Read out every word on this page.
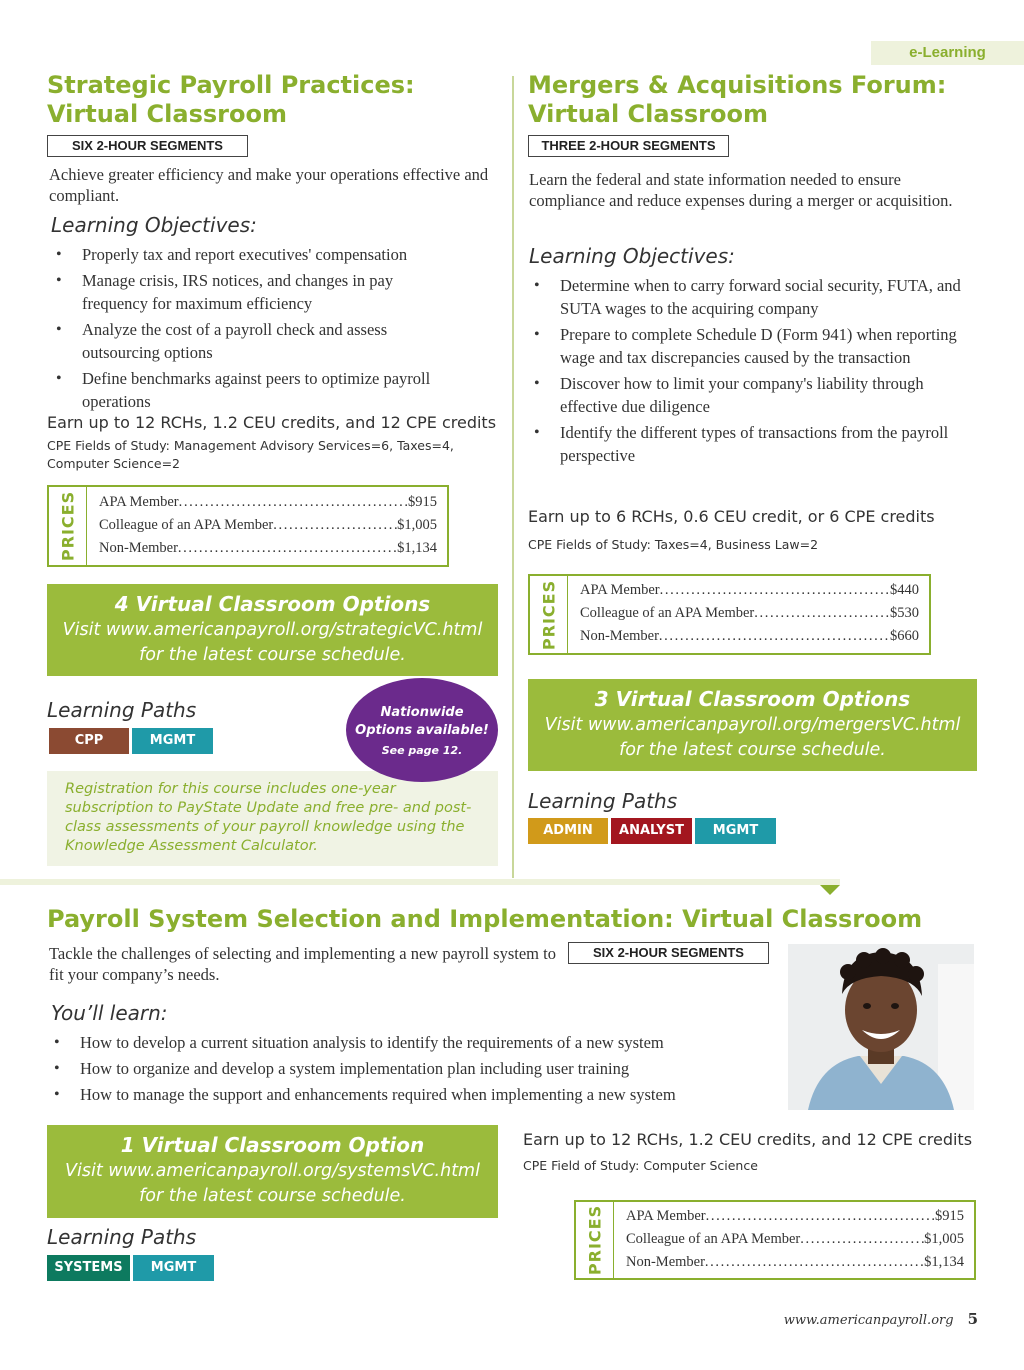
e-Learning
Strategic Payroll Practices:
Virtual Classroom
SIX 2-HOUR SEGMENTS
Achieve greater efficiency and make your operations effective and compliant.
Learning Objectives:
• Properly tax and report executives' compensation
• Manage crisis, IRS notices, and changes in pay frequency for maximum efficiency
• Analyze the cost of a payroll check and assess outsourcing options
• Define benchmarks against peers to optimize payroll operations
Earn up to 12 RCHs, 1.2 CEU credits, and 12 CPE credits
CPE Fields of Study: Management Advisory Services=6, Taxes=4, Computer Science=2
PRICES APA Member . . .	$915
Colleague of an APA Member . . .	$1,005
Non-Member . . .	$1,134
4 Virtual Classroom Options
Visit www.americanpayroll.org/strategicVC.html
for the latest course schedule.
Learning Paths
CPP	MGMT
Registration for this course includes one-year subscription to PayState Update and free pre- and post-class assessments of your payroll knowledge using the Knowledge Assessment Calculator.
Nationwide
Options available!
See page 12.
Mergers & Acquisitions Forum:
Virtual Classroom
THREE 2-HOUR SEGMENTS
Learn the federal and state information needed to ensure compliance and reduce expenses during a merger or acquisition.
Learning Objectives:
• Determine when to carry forward social security, FUTA, and SUTA wages to the acquiring company
• Prepare to complete Schedule D (Form 941) when reporting wage and tax discrepancies caused by the transaction
• Discover how to limit your company's liability through effective due diligence
• Identify the different types of transactions from the payroll perspective
Earn up to 6 RCHs, 0.6 CEU credit, or 6 CPE credits
CPE Fields of Study: Taxes=4, Business Law=2
PRICES APA Member . . .	$440
Colleague of an APA Member . . .	$530
Non-Member . . .	$660
3 Virtual Classroom Options
Visit www.americanpayroll.org/mergersVC.html
for the latest course schedule.
Learning Paths
ADMIN	ANALYST	MGMT
Payroll System Selection and Implementation: Virtual Classroom
Tackle the challenges of selecting and implementing a new payroll system to fit your company’s needs.
SIX 2-HOUR SEGMENTS
You’ll learn:
• How to develop a current situation analysis to identify the requirements of a new system
• How to organize and develop a system implementation plan including user training
• How to manage the support and enhancements required when implementing a new system
1 Virtual Classroom Option
Visit www.americanpayroll.org/systemsVC.html
for the latest course schedule.
Learning Paths
SYSTEMS	MGMT
Earn up to 12 RCHs, 1.2 CEU credits, and 12 CPE credits
CPE Field of Study: Computer Science
PRICES APA Member . . .	$915
Colleague of an APA Member . . .	$1,005
Non-Member . . .	$1,134
www.americanpayroll.org 5
